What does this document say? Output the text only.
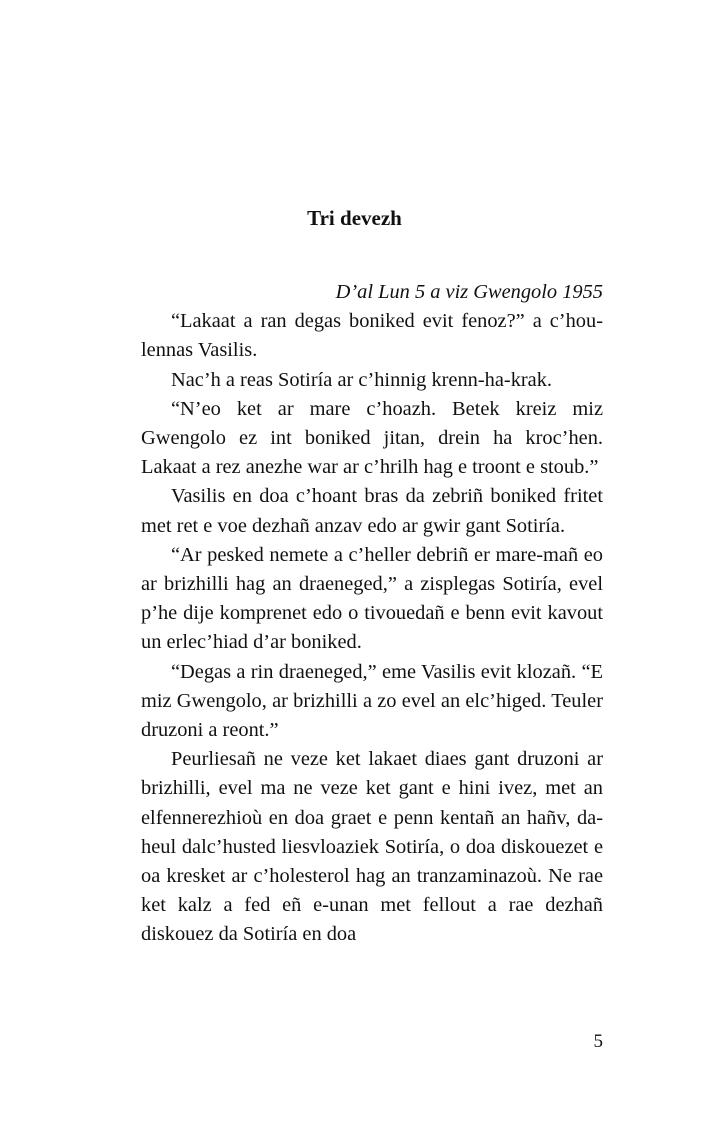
Tri devezh

D’al Lun 5 a viz Gwengolo 1955

“Lakaat a ran degas boniked evit fenoz?” a c’houlennas Vasilis.

Nac’h a reas Sotiría ar c’hinnig krenn-ha-krak.

“N’eo ket ar mare c’hoazh. Betek kreiz miz Gwengolo ez int boniked jitan, drein ha kroc’hen. Lakaat a rez anezhe war ar c’hrilh hag e troont e stoub.”

Vasilis en doa c’hoant bras da zebriñ boniked fritet met ret e voe dezhañ anzav edo ar gwir gant Sotiría.

“Ar pesked nemete a c’heller debriñ er mare-mañ eo ar brizhilli hag an draeneged,” a zisplegas Sotiría, evel p’he dije komprenet edo o tivouedañ e benn evit kavout un erlec’hiad d’ar boniked.

“Degas a rin draeneged,” eme Vasilis evit klozañ. “E miz Gwengolo, ar brizhilli a zo evel an elc’higed. Teuler druzoni a reont.”

Peurliesañ ne veze ket lakaet diaes gant druzoni ar brizhilli, evel ma ne veze ket gant e hini ivez, met an elfennerezhioù en doa graet e penn kentañ an hañv, da-heul dalc’husted liesvloaziek Sotiría, o doa diskouezet e oa kresket ar c’holesterol hag an tranzaminazoù. Ne rae ket kalz a fed eñ e-unan met fellout a rae dezhañ diskouez da Sotiría en doa

5
